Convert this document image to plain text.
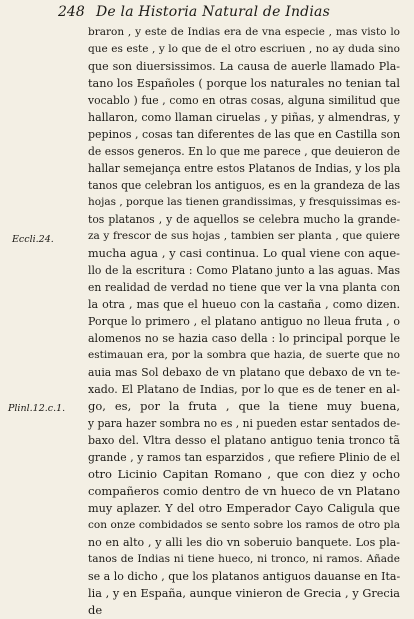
248 De la Historia Natural de Indias
Eccli.24.
Plinl.12.c.1.
braron , y este de Indias era de vna especie , mas visto lo
que es este , y lo que de el otro escriuen , no ay duda sino
que son diuersissimos. La causa de auerle llamado Pla-
tano los Españoles ( porque los naturales no tenian tal
vocablo ) fue , como en otras cosas, alguna similitud que
hallaron, como llaman ciruelas , y piñas, y almendras, y
pepinos , cosas tan diferentes de las que en Castilla son
de essos generos. En lo que me parece , que deuieron de
hallar semejança entre estos Platanos de Indias, y los pla
tanos que celebran los antiguos, es en la grandeza de las
hojas , porque las tienen grandissimas, y fresquissimas es-
tos platanos , y de aquellos se celebra mucho la grande-
za y frescor de sus hojas , tambien ser planta , que quiere
mucha agua , y casi continua. Lo qual viene con aque-
llo de la escritura : Como Platano junto a las aguas. Mas
en realidad de verdad no tiene que ver la vna planta con
la otra , mas que el hueuo con la castaña , como dizen.
Porque lo primero , el platano antiguo no lleua fruta , o
alomenos no se hazia caso della : lo principal porque le
estimauan era, por la sombra que hazia, de suerte que no
auia mas Sol debaxo de vn platano que debaxo de vn te-
xado. El Platano de Indias, por lo que es de tener en al-
go, es, por la fruta , que la tiene muy buena,
y para hazer sombra no es , ni pueden estar sentados de-
baxo del. Vltra desso el platano antiguo tenia tronco tã
grande , y ramos tan esparzidos , que refiere Plinio de el
otro Licinio Capitan Romano , que con diez y ocho
compañeros comio dentro de vn hueco de vn Platano
muy aplazer. Y del otro Emperador Cayo Caligula que
con onze combidados se sento sobre los ramos de otro pla
no en alto , y alli les dio vn soberuio banquete. Los pla-
tanos de Indias ni tiene hueco, ni tronco, ni ramos. Añade
se a lo dicho , que los platanos antiguos dauanse en Ita-
lia , y en España, aunque vinieron de Grecia , y Grecia
de
